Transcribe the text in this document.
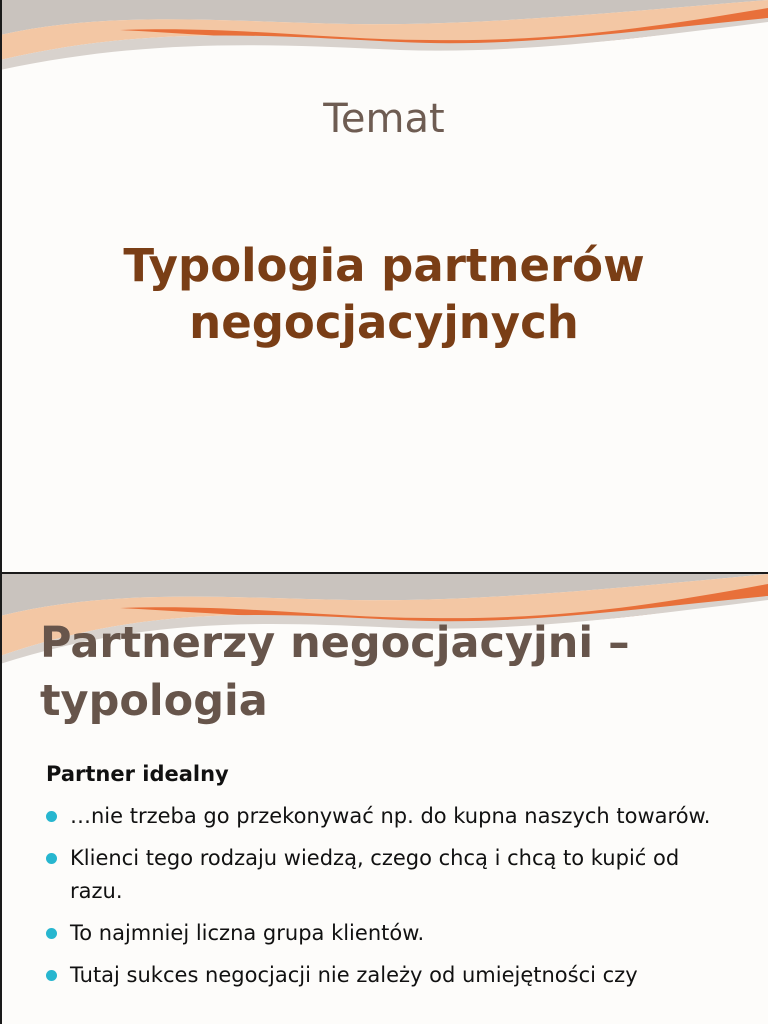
Temat
Typologia partnerów
negocjacyjnych
Partnerzy negocjacyjni –
typologia
Partner idealny
…nie trzeba go przekonywać np. do kupna naszych towarów.
Klienci tego rodzaju wiedzą, czego chcą i chcą to kupić od razu.
To najmniej liczna grupa klientów.
Tutaj sukces negocjacji nie zależy od umiejętności czy
